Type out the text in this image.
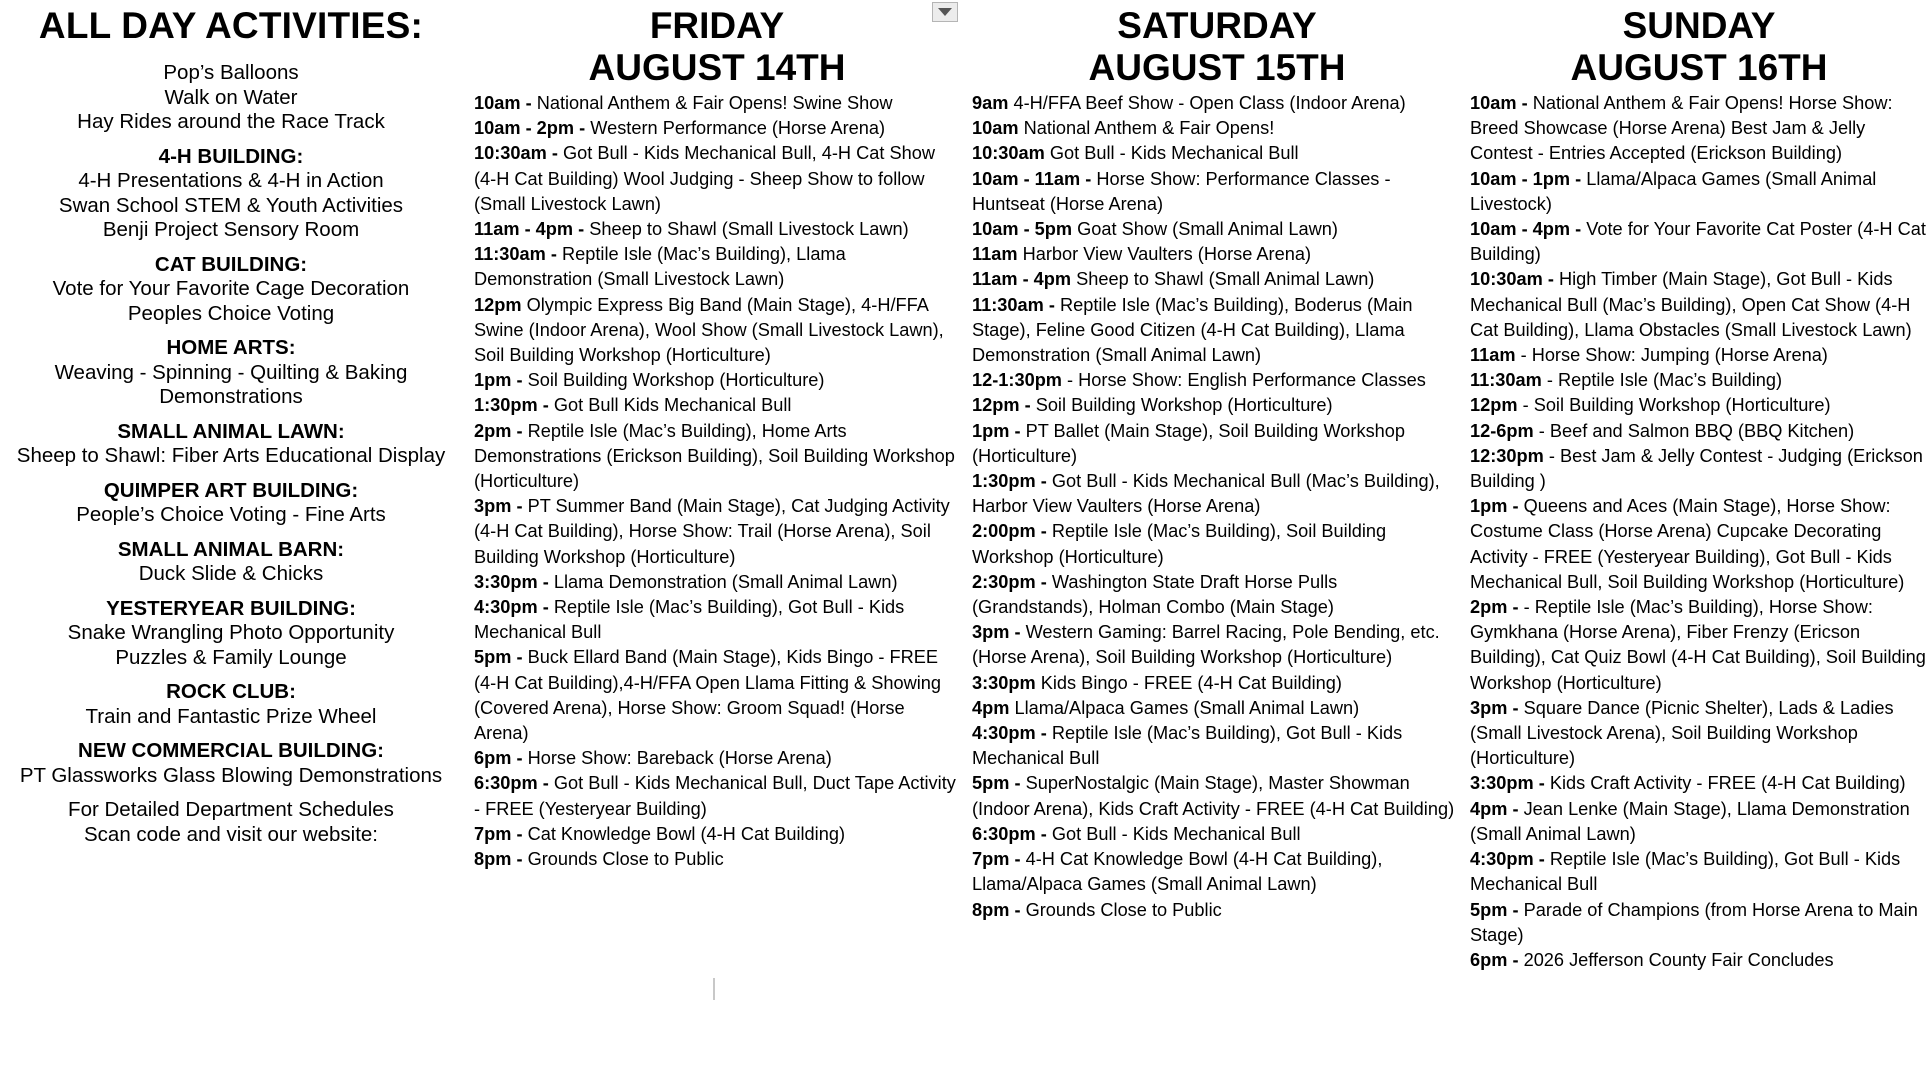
ALL DAY ACTIVITIES:
Pop’s Balloons
Walk on Water
Hay Rides around the Race Track
4-H BUILDING:
4-H Presentations & 4-H in Action
Swan School STEM & Youth Activities
Benji Project Sensory Room
CAT BUILDING:
Vote for Your Favorite Cage Decoration
Peoples Choice Voting
HOME ARTS:
Weaving - Spinning - Quilting & Baking
Demonstrations
SMALL ANIMAL LAWN:
Sheep to Shawl: Fiber Arts Educational Display
QUIMPER ART BUILDING:
People’s Choice Voting - Fine Arts
SMALL ANIMAL BARN:
Duck Slide & Chicks
YESTERYEAR BUILDING:
Snake Wrangling Photo Opportunity
Puzzles & Family Lounge
ROCK CLUB:
Train and Fantastic Prize Wheel
NEW COMMERCIAL BUILDING:
PT Glassworks Glass Blowing Demonstrations
For Detailed Department Schedules
Scan code and visit our website:
FRIDAY
AUGUST 14TH
10am - National Anthem & Fair Opens! Swine Show
10am - 2pm - Western Performance (Horse Arena)
10:30am - Got Bull - Kids Mechanical Bull, 4-H Cat Show (4-H Cat Building) Wool Judging - Sheep Show to follow (Small Livestock Lawn)
11am - 4pm - Sheep to Shawl (Small Livestock Lawn)
11:30am - Reptile Isle (Mac’s Building), Llama Demonstration (Small Livestock Lawn)
12pm Olympic Express Big Band (Main Stage), 4-H/FFA Swine (Indoor Arena), Wool Show (Small Livestock Lawn), Soil Building Workshop (Horticulture)
1pm - Soil Building Workshop (Horticulture)
1:30pm - Got Bull Kids Mechanical Bull
2pm - Reptile Isle (Mac’s Building), Home Arts Demonstrations (Erickson Building), Soil Building Workshop (Horticulture)
3pm - PT Summer Band (Main Stage), Cat Judging Activity (4-H Cat Building), Horse Show: Trail (Horse Arena), Soil Building Workshop (Horticulture)
3:30pm - Llama Demonstration (Small Animal Lawn)
4:30pm - Reptile Isle (Mac’s Building), Got Bull - Kids Mechanical Bull
5pm - Buck Ellard Band (Main Stage), Kids Bingo - FREE (4-H Cat Building),4-H/FFA Open Llama Fitting & Showing (Covered Arena), Horse Show: Groom Squad! (Horse Arena)
6pm - Horse Show: Bareback (Horse Arena)
6:30pm - Got Bull - Kids Mechanical Bull, Duct Tape Activity - FREE (Yesteryear Building)
7pm - Cat Knowledge Bowl (4-H Cat Building)
8pm - Grounds Close to Public
SATURDAY
AUGUST 15TH
9am 4-H/FFA Beef Show - Open Class (Indoor Arena)
10am National Anthem & Fair Opens!
10:30am Got Bull - Kids Mechanical Bull
10am - 11am - Horse Show: Performance Classes - Huntseat (Horse Arena)
10am - 5pm Goat Show (Small Animal Lawn)
11am Harbor View Vaulters (Horse Arena)
11am - 4pm Sheep to Shawl (Small Animal Lawn)
11:30am - Reptile Isle (Mac’s Building), Boderus (Main Stage), Feline Good Citizen (4-H Cat Building), Llama Demonstration (Small Animal Lawn)
12-1:30pm - Horse Show: English Performance Classes
12pm - Soil Building Workshop (Horticulture)
1pm - PT Ballet (Main Stage), Soil Building Workshop (Horticulture)
1:30pm - Got Bull - Kids Mechanical Bull (Mac’s Building), Harbor View Vaulters (Horse Arena)
2:00pm - Reptile Isle (Mac’s Building), Soil Building Workshop (Horticulture)
2:30pm - Washington State Draft Horse Pulls (Grandstands), Holman Combo (Main Stage)
3pm - Western Gaming: Barrel Racing, Pole Bending, etc. (Horse Arena), Soil Building Workshop (Horticulture)
3:30pm Kids Bingo - FREE (4-H Cat Building)
4pm Llama/Alpaca Games (Small Animal Lawn)
4:30pm - Reptile Isle (Mac’s Building), Got Bull - Kids Mechanical Bull
5pm - SuperNostalgic (Main Stage), Master Showman (Indoor Arena), Kids Craft Activity - FREE (4-H Cat Building)
6:30pm - Got Bull - Kids Mechanical Bull
7pm - 4-H Cat Knowledge Bowl (4-H Cat Building), Llama/Alpaca Games (Small Animal Lawn)
8pm - Grounds Close to Public
SUNDAY
AUGUST 16TH
10am - National Anthem & Fair Opens! Horse Show: Breed Showcase (Horse Arena) Best Jam & Jelly Contest - Entries Accepted (Erickson Building)
10am - 1pm - Llama/Alpaca Games (Small Animal Livestock)
10am - 4pm - Vote for Your Favorite Cat Poster (4-H Cat Building)
10:30am - High Timber (Main Stage), Got Bull - Kids Mechanical Bull (Mac’s Building), Open Cat Show (4-H Cat Building), Llama Obstacles (Small Livestock Lawn)
11am - Horse Show: Jumping (Horse Arena)
11:30am - Reptile Isle (Mac’s Building)
12pm - Soil Building Workshop (Horticulture)
12-6pm - Beef and Salmon BBQ (BBQ Kitchen)
12:30pm - Best Jam & Jelly Contest - Judging (Erickson Building )
1pm - Queens and Aces (Main Stage), Horse Show: Costume Class (Horse Arena) Cupcake Decorating Activity - FREE (Yesteryear Building), Got Bull - Kids Mechanical Bull, Soil Building Workshop (Horticulture)
2pm - - Reptile Isle (Mac’s Building), Horse Show: Gymkhana (Horse Arena), Fiber Frenzy (Ericson Building), Cat Quiz Bowl (4-H Cat Building), Soil Building Workshop (Horticulture)
3pm - Square Dance (Picnic Shelter), Lads & Ladies (Small Livestock Arena), Soil Building Workshop (Horticulture)
3:30pm - Kids Craft Activity - FREE (4-H Cat Building)
4pm - Jean Lenke (Main Stage), Llama Demonstration (Small Animal Lawn)
4:30pm - Reptile Isle (Mac’s Building), Got Bull - Kids Mechanical Bull
5pm - Parade of Champions (from Horse Arena to Main Stage)
6pm - 2026 Jefferson County Fair Concludes
